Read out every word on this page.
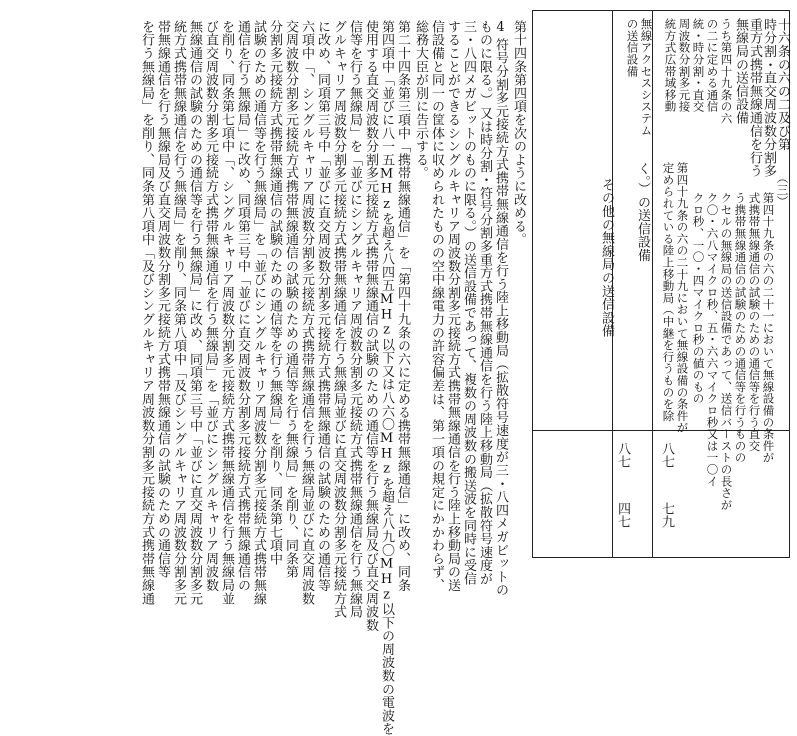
十六条の六の二及び第
時分割・直交周波数分割多
重方式携帯無線通信を行う
無線局の送信設備
（三）
第四十九条の六の二十一において無線設備の条件が
式携帯無線通信の試験のための通信等を行う直交
う携帯無線通信の試験のための通信等を行うものの
クセルの無線局の送信設備であって、送信バーストの長さが
ク〇・六八マイクロ秒、五・六六マイクロ秒又は一〇イ
クロ秒、一〇・四マイクロ秒の値のもの
第四十九条の六の二十九において無線設備の条件が
定められている陸上移動局（中継を行うものを除
うち第四十九条の六
の二に定める通信
統・時分割・直交
周波数分割多元接
統方式広帯域移動
無線アクセスシステム
の送信設備
く。）の送信設備
その他の無線局の送信設備
八七
八七
七九
四七
第十四条第四項を次のように改める。
4
符号分割多元接続方式携帯無線通信を行う陸上移動局（拡散符号速度が三・八四メガビットの
ものに限る。）又は時分割・符号分割多重方式携帯無線通信を行う陸上移動局（拡散符号速度が
三・八四メガビットのものに限る。）の送信設備であって、複数の周波数の搬送波を同時に受信
することができるシングルキャリア周波数分割多元接続方式携帯無線通信を行う陸上移動局の送
信設備と同一の筐体に収められたものの空中線電力の許容偏差は、第一項の規定にかかわらず、
総務大臣が別に告示する。
第二十四条第三項中「携帯無線通信」を「第四十九条の六に定める携帯無線通信」に改め、同条
第四項中「並びに八一五MHzを超え八四五MHz以下又は八六〇MHzを超え八九〇MHz以下の周波数の電波を
使用する直交周波数分割多元接続方式携帯無線通信の試験のための通信等を行う無線局及び直交周波数
信等を行う無線局」を「並びにシングルキャリア周波数分割多元接続方式携帯無線通信を行う無線局
グルキャリア周波数分割多元接続方式携帯無線通信を行う無線局並びに直交周波数分割多元接続方式
に改め、同項第三号中「並びに直交周波数分割多元接続方式携帯無線通信の試験のための通信等
六項中「、シングルキャリア周波数分割多元接続方式携帯無線通信を行う無線局並びに直交周波数
交周波数分割多元接続方式携帯無線通信の試験のための通信等を行う無線局」を削り、同条第
分割多元接続方式携帯無線通信の試験のための通信等を行う無線局」を削り、同条第七項中
試験のための通信等を行う無線局」を「並びにシングルキャリア周波数分割多元接続方式携帯無線
通信を行う無線局」に改め、同項第三号中「並びに直交周波数分割多元接続方式携帯無線通信の
を削り、同条第七項中「、シングルキャリア周波数分割多元接続方式携帯無線通信を行う無線局並
び直交周波数分割多元接続方式携帯無線通信を行う無線局」を「並びにシングルキャリア周波数
無線通信の試験のための通信等を行う無線局」に改め、同項第三号中「並びに直交周波数分割多元
統方式携帯無線通信を行う無線局」を削り、同条第八項中「及びシングルキャリア周波数分割多元
帯無線通信を行う無線局及び直交周波数分割多元接続方式携帯無線通信の試験のための通信等
を行う無線局」を削り、同条第八項中「及びシングルキャリア周波数分割多元接続方式携帯無線通
